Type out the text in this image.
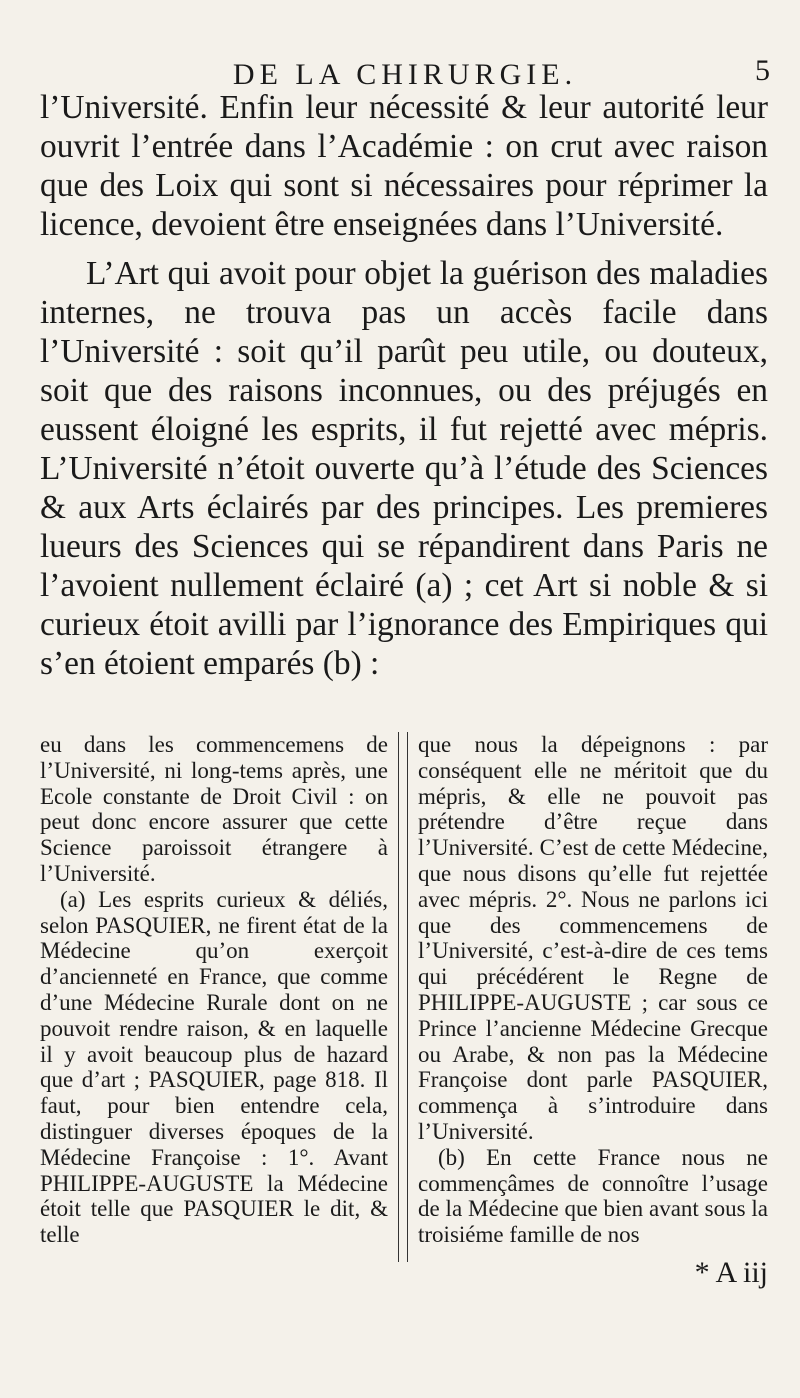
DE LA CHIRURGIE.	5

l’Université. Enfin leur nécessité & leur autorité leur ouvrit l’entrée dans l’Académie : on crut avec raison que des Loix qui sont si nécessaires pour réprimer la licence, devoient être enseignées dans l’Université.

L’Art qui avoit pour objet la guérison des maladies internes, ne trouva pas un accès facile dans l’Université : soit qu’il parût peu utile, ou douteux, soit que des raisons inconnues, ou des préjugés en eussent éloigné les esprits, il fut rejetté avec mépris. L’Université n’étoit ouverte qu’à l’étude des Sciences & aux Arts éclairés par des principes. Les premieres lueurs des Sciences qui se répandirent dans Paris ne l’avoient nullement éclairé (a) ; cet Art si noble & si curieux étoit avilli par l’ignorance des Empiriques qui s’en étoient emparés (b) :

eu dans les commencemens de l’Université, ni long-tems après, une Ecole constante de Droit Civil : on peut donc encore assurer que cette Science paroissoit étrangere à l’Université.

(a) Les esprits curieux & déliés, selon PASQUIER, ne firent état de la Médecine qu’on exerçoit d’ancienneté en France, que comme d’une Médecine Rurale dont on ne pouvoit rendre raison, & en laquelle il y avoit beaucoup plus de hazard que d’art ; PASQUIER, page 818. Il faut, pour bien entendre cela, distinguer diverses époques de la Médecine Françoise : 1°. Avant PHILIPPE-AUGUSTE la Médecine étoit telle que PASQUIER le dit, & telle

que nous la dépeignons : par conséquent elle ne méritoit que du mépris, & elle ne pouvoit pas prétendre d’être reçue dans l’Université. C’est de cette Médecine, que nous disons qu’elle fut rejettée avec mépris. 2°. Nous ne parlons ici que des commencemens de l’Université, c’est-à-dire de ces tems qui précédérent le Regne de PHILIPPE-AUGUSTE ; car sous ce Prince l’ancienne Médecine Grecque ou Arabe, & non pas la Médecine Françoise dont parle PASQUIER, commença à s’introduire dans l’Université.

(b) En cette France nous ne commençâmes de connoître l’usage de la Médecine que bien avant sous la troisiéme famille de nos

* A iij
